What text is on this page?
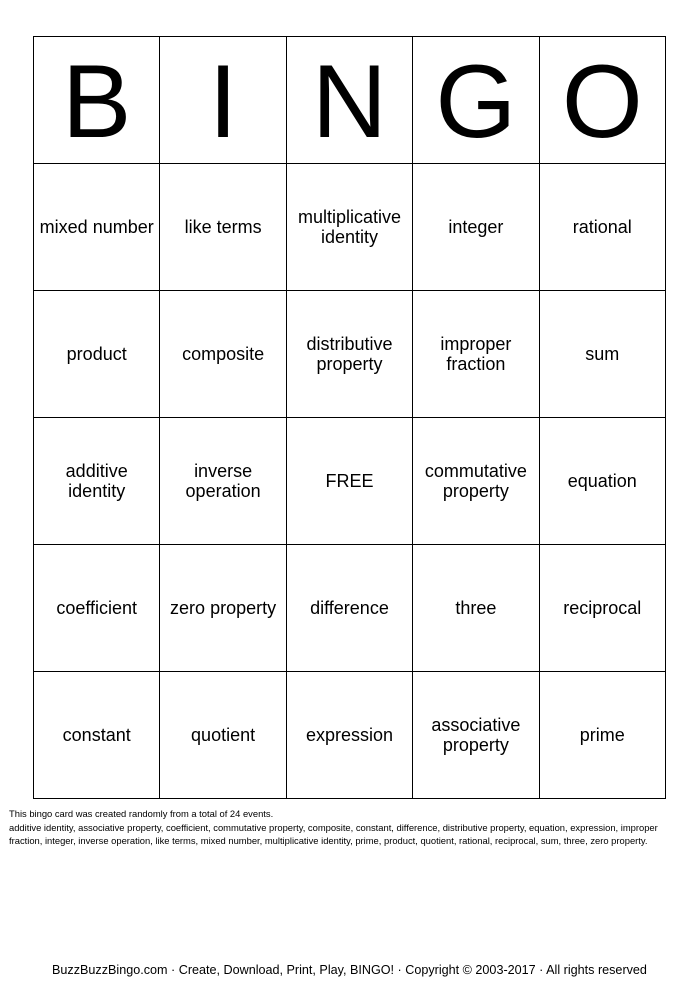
B	I	N	G	O
mixed number	like terms	multiplicative identity	integer	rational
product	composite	distributive property	improper fraction	sum
additive identity	inverse operation	FREE	commutative property	equation
coefficient	zero property	difference	three	reciprocal
constant	quotient	expression	associative property	prime

This bingo card was created randomly from a total of 24 events.

additive identity, associative property, coefficient, commutative property, composite, constant, difference, distributive property, equation, expression, improper fraction, integer, inverse operation, like terms, mixed number, multiplicative identity, prime, product, quotient, rational, reciprocal, sum, three, zero property.

BuzzBuzzBingo.com · Create, Download, Print, Play, BINGO! · Copyright © 2003-2017 · All rights reserved
